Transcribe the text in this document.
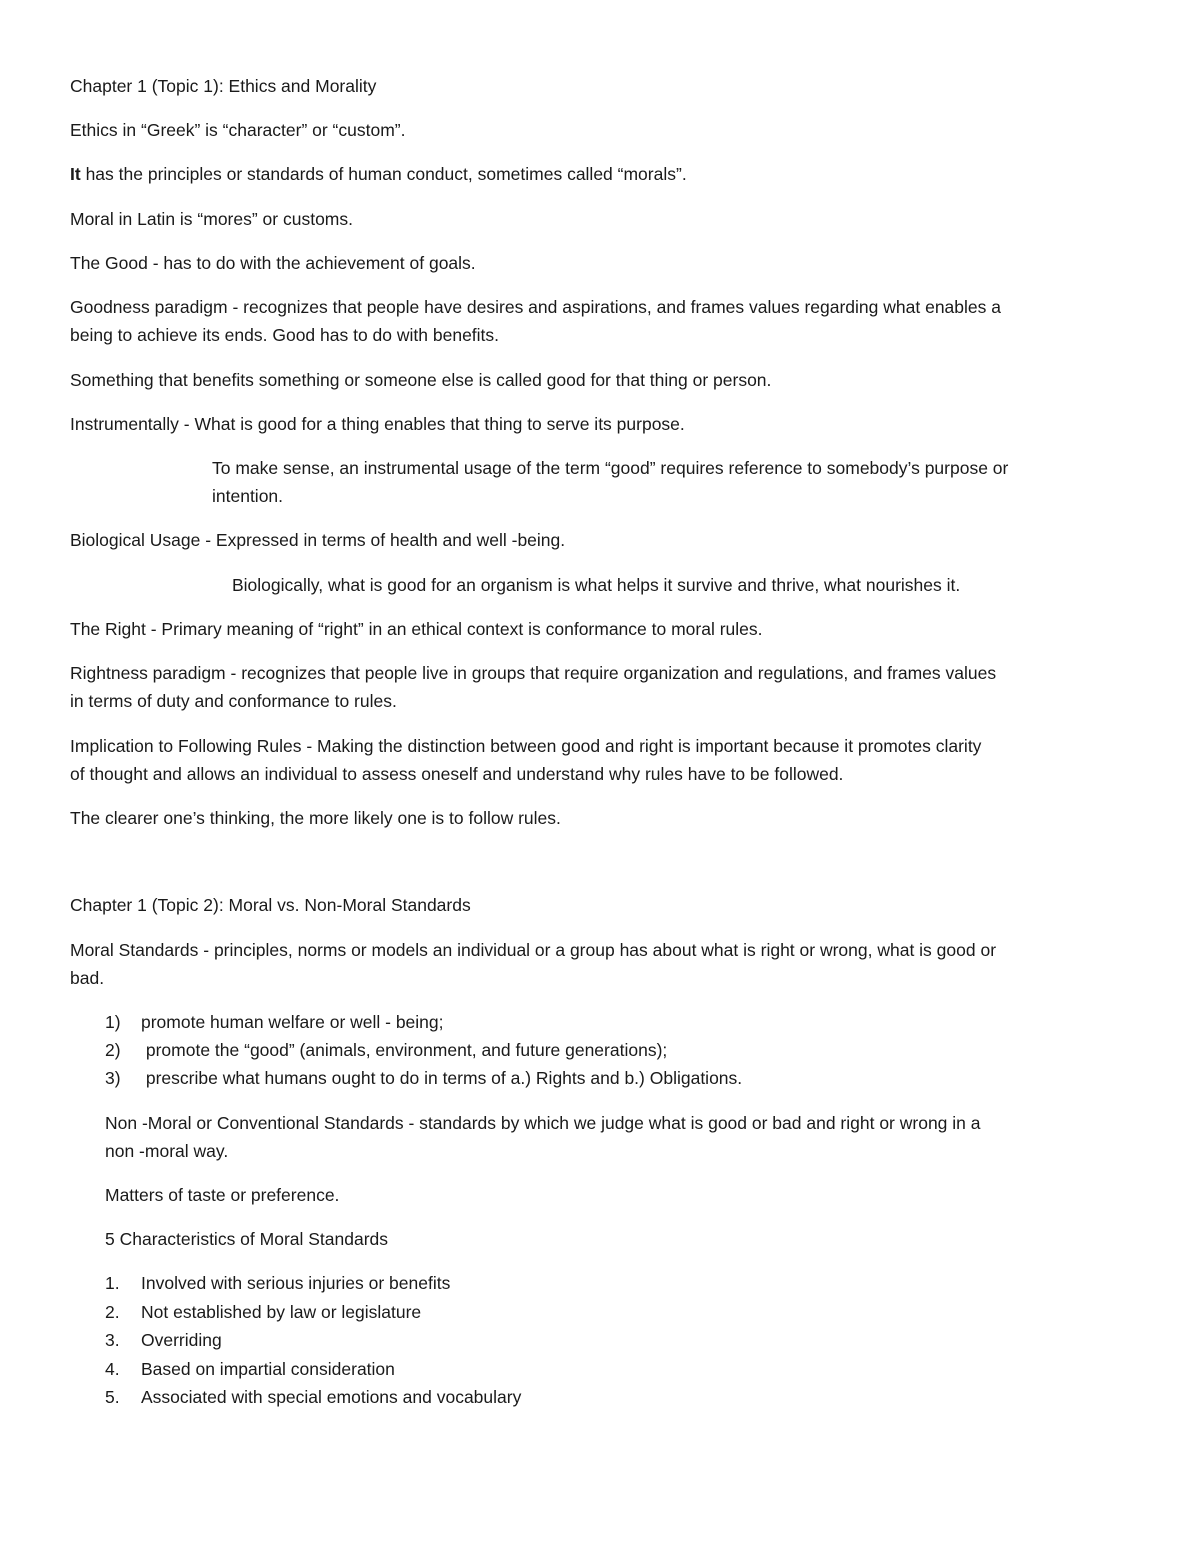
Chapter 1 (Topic 1): Ethics and Morality
Ethics in “Greek” is “character” or “custom”.
It has the principles or standards of human conduct, sometimes called “morals”.
Moral in Latin is “mores” or customs.
The Good - has to do with the achievement of goals.
Goodness paradigm - recognizes that people have desires and aspirations, and frames values regarding what enables a
being to achieve its ends. Good has to do with benefits.
Something that benefits something or someone else is called good for that thing or person.
Instrumentally - What is good for a thing enables that thing to serve its purpose.
To make sense, an instrumental usage of the term “good” requires reference to somebody’s purpose or
intention.
Biological Usage - Expressed in terms of health and well -being.
Biologically, what is good for an organism is what helps it survive and thrive, what nourishes it.
The Right - Primary meaning of “right” in an ethical context is conformance to moral rules.
Rightness paradigm - recognizes that people live in groups that require organization and regulations, and frames values
in terms of duty and conformance to rules.
Implication to Following Rules - Making the distinction between good and right is important because it promotes clarity
of thought and allows an individual to assess oneself and understand why rules have to be followed.
The clearer one’s thinking, the more likely one is to follow rules.
Chapter 1 (Topic 2): Moral vs. Non-Moral Standards
Moral Standards - principles, norms or models an individual or a group has about what is right or wrong, what is good or
bad.
1) promote human welfare or well - being;
2) promote the “good” (animals, environment, and future generations);
3) prescribe what humans ought to do in terms of a.) Rights and b.) Obligations.
Non -Moral or Conventional Standards - standards by which we judge what is good or bad and right or wrong in a
non -moral way.
Matters of taste or preference.
5 Characteristics of Moral Standards
1. Involved with serious injuries or benefits
2. Not established by law or legislature
3. Overriding
4. Based on impartial consideration
5. Associated with special emotions and vocabulary
